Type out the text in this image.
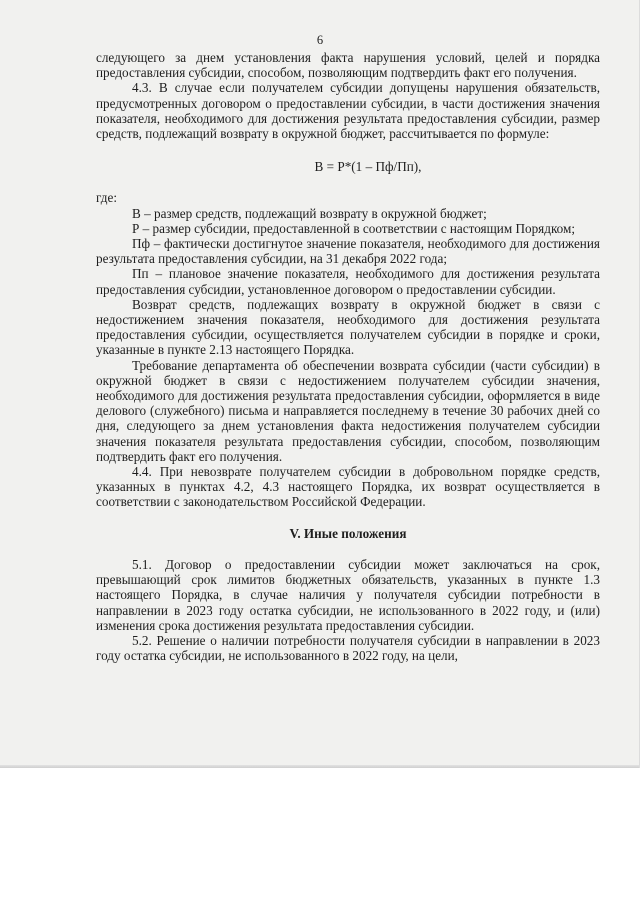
6

следующего за днем установления факта нарушения условий, целей и порядка предоставления субсидии, способом, позволяющим подтвердить факт его получения.

4.3. В случае если получателем субсидии допущены нарушения обязательств, предусмотренных договором о предоставлении субсидии, в части достижения значения показателя, необходимого для достижения результата предоставления субсидии, размер средств, подлежащий возврату в окружной бюджет, рассчитывается по формуле:

В = Р*(1 – Пф/Пп),

где:

В – размер средств, подлежащий возврату в окружной бюджет;

Р – размер субсидии, предоставленной в соответствии с настоящим Порядком;

Пф – фактически достигнутое значение показателя, необходимого для достижения результата предоставления субсидии, на 31 декабря 2022 года;

Пп – плановое значение показателя, необходимого для достижения результата предоставления субсидии, установленное договором о предоставлении субсидии.

Возврат средств, подлежащих возврату в окружной бюджет в связи с недостижением значения показателя, необходимого для достижения результата предоставления субсидии, осуществляется получателем субсидии в порядке и сроки, указанные в пункте 2.13 настоящего Порядка.

Требование департамента об обеспечении возврата субсидии (части субсидии) в окружной бюджет в связи с недостижением получателем субсидии значения, необходимого для достижения результата предоставления субсидии, оформляется в виде делового (служебного) письма и направляется последнему в течение 30 рабочих дней со дня, следующего за днем установления факта недостижения получателем субсидии значения показателя результата предоставления субсидии, способом, позволяющим подтвердить факт его получения.

4.4. При невозврате получателем субсидии в добровольном порядке средств, указанных в пунктах 4.2, 4.3 настоящего Порядка, их возврат осуществляется в соответствии с законодательством Российской Федерации.

V. Иные положения

5.1. Договор о предоставлении субсидии может заключаться на срок, превышающий срок лимитов бюджетных обязательств, указанных в пункте 1.3 настоящего Порядка, в случае наличия у получателя субсидии потребности в направлении в 2023 году остатка субсидии, не использованного в 2022 году, и (или) изменения срока достижения результата предоставления субсидии.

5.2. Решение о наличии потребности получателя субсидии в направлении в 2023 году остатка субсидии, не использованного в 2022 году, на цели,
